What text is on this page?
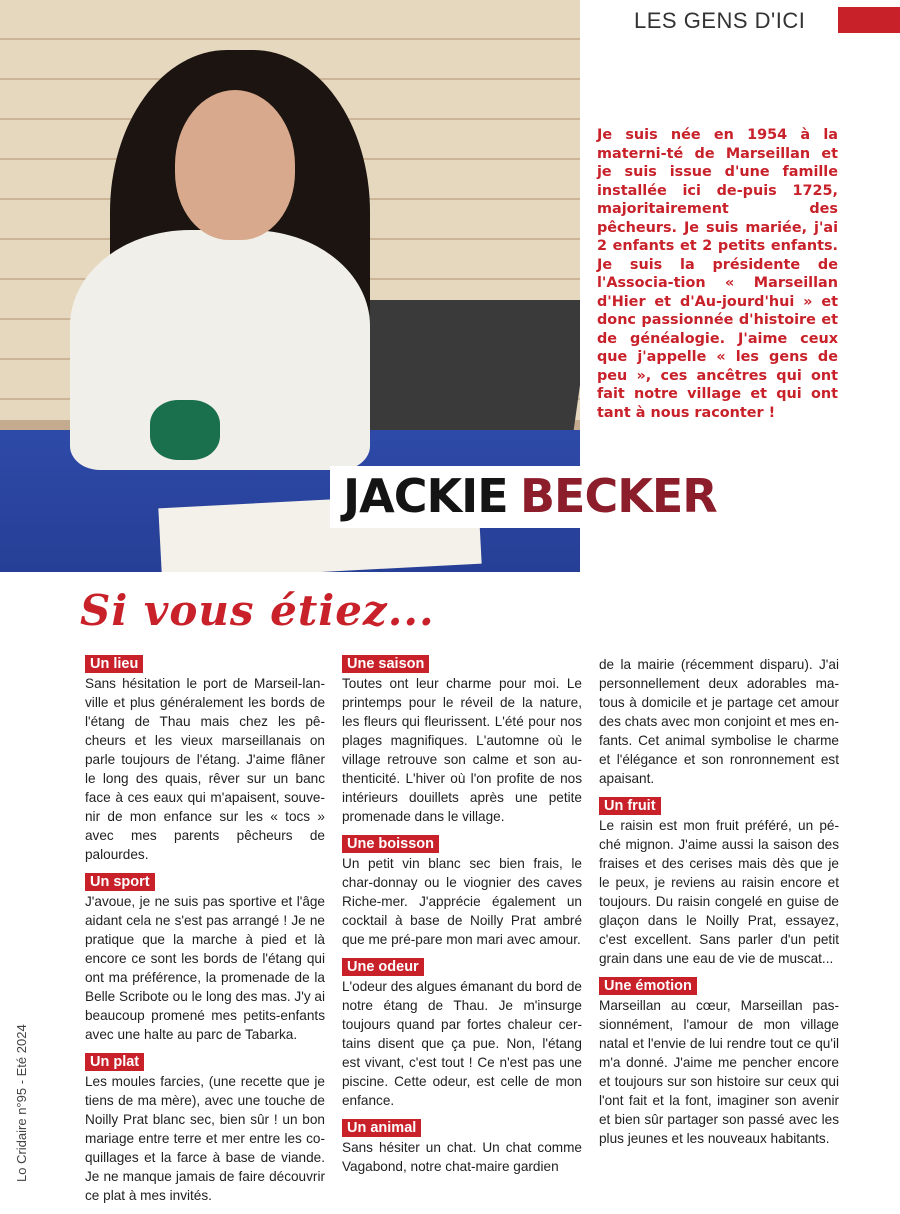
LES GENS D'ICI
JACKIE BECKER

Je suis née en 1954 à la materni-té de Marseillan et je suis issue d'une famille installée ici de-puis 1725, majoritairement des pêcheurs. Je suis mariée, j'ai 2 enfants et 2 petits enfants. Je suis la présidente de l'Associa-tion « Marseillan d'Hier et d'Au-jourd'hui » et donc passionnée d'histoire et de généalogie. J'aime ceux que j'appelle « les gens de peu », ces ancêtres qui ont fait notre village et qui ont tant à nous raconter !

Si vous étiez...
Un lieu

Sans hésitation le port de Marseil-lan-ville et plus généralement les bords de l'étang de Thau mais chez les pê-cheurs et les vieux marseillanais on parle toujours de l'étang. J'aime flâner le long des quais, rêver sur un banc face à ces eaux qui m'apaisent, souve-nir de mon enfance sur les « tocs » avec mes parents pêcheurs de palourdes.

Un sport

J'avoue, je ne suis pas sportive et l'âge aidant cela ne s'est pas arrangé ! Je ne pratique que la marche à pied et là encore ce sont les bords de l'étang qui ont ma préférence, la promenade de la Belle Scribote ou le long des mas. J'y ai beaucoup promené mes petits-enfants avec une halte au parc de Tabarka.

Un plat

Les moules farcies, (une recette que je tiens de ma mère), avec une touche de Noilly Prat blanc sec, bien sûr ! un bon mariage entre terre et mer entre les co-quillages et la farce à base de viande. Je ne manque jamais de faire découvrir ce plat à mes invités.

Une saison

Toutes ont leur charme pour moi. Le printemps pour le réveil de la nature, les fleurs qui fleurissent. L'été pour nos plages magnifiques. L'automne où le village retrouve son calme et son au-thenticité. L'hiver où l'on profite de nos intérieurs douillets après une petite promenade dans le village.

Une boisson

Un petit vin blanc sec bien frais, le char-donnay ou le viognier des caves Riche-mer. J'apprécie également un cocktail à base de Noilly Prat ambré que me pré-pare mon mari avec amour.

Une odeur

L'odeur des algues émanant du bord de notre étang de Thau. Je m'insurge toujours quand par fortes chaleur cer-tains disent que ça pue. Non, l'étang est vivant, c'est tout ! Ce n'est pas une piscine. Cette odeur, est celle de mon enfance.

Un animal

Sans hésiter un chat. Un chat comme Vagabond, notre chat-maire gardien

de la mairie (récemment disparu). J'ai personnellement deux adorables ma-tous à domicile et je partage cet amour des chats avec mon conjoint et mes en-fants. Cet animal symbolise le charme et l'élégance et son ronronnement est apaisant.

Un fruit

Le raisin est mon fruit préféré, un pé-ché mignon. J'aime aussi la saison des fraises et des cerises mais dès que je le peux, je reviens au raisin encore et toujours. Du raisin congelé en guise de glaçon dans le Noilly Prat, essayez, c'est excellent. Sans parler d'un petit grain dans une eau de vie de muscat...

Une émotion

Marseillan au cœur, Marseillan pas-sionnément, l'amour de mon village natal et l'envie de lui rendre tout ce qu'il m'a donné. J'aime me pencher encore et toujours sur son histoire sur ceux qui l'ont fait et la font, imaginer son avenir et bien sûr partager son passé avec les plus jeunes et les nouveaux habitants.

Lo Cridaire n°95 - Eté 2024
